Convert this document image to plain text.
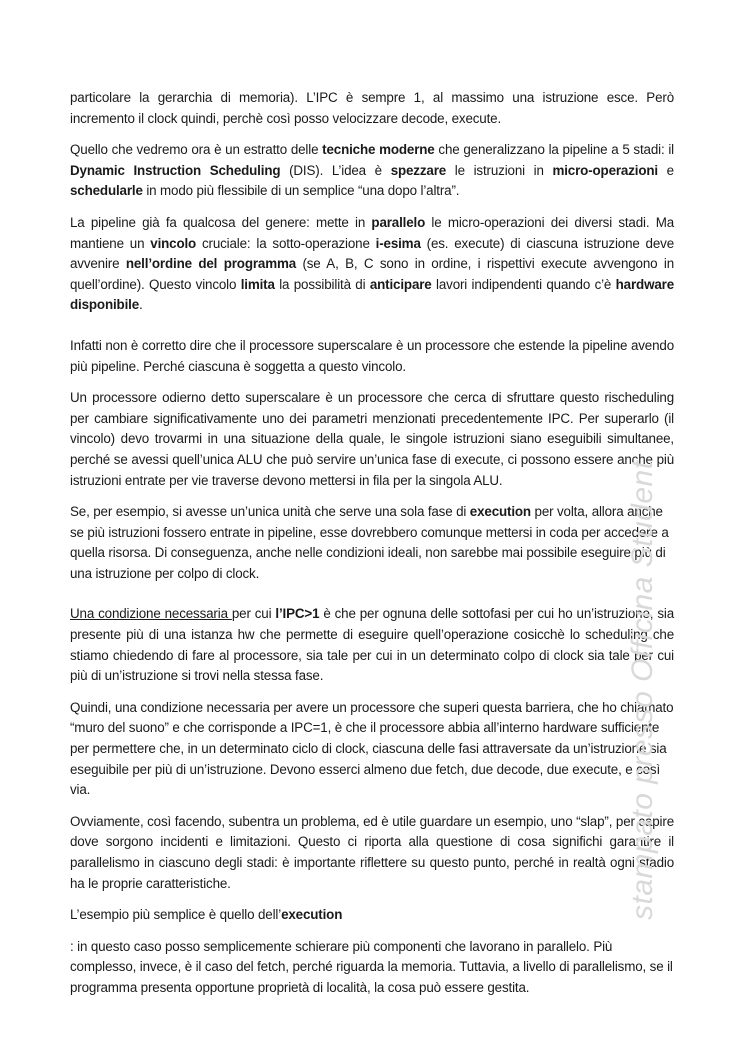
particolare la gerarchia di memoria). L’IPC è sempre 1, al massimo una istruzione esce. Però incremento il clock quindi, perchè così posso velocizzare decode, execute.

Quello che vedremo ora è un estratto delle tecniche moderne che generalizzano la pipeline a 5 stadi: il Dynamic Instruction Scheduling (DIS). L’idea è spezzare le istruzioni in micro-operazioni e schedularle in modo più flessibile di un semplice “una dopo l’altra”.

La pipeline già fa qualcosa del genere: mette in parallelo le micro-operazioni dei diversi stadi. Ma mantiene un vincolo cruciale: la sotto-operazione i-esima (es. execute) di ciascuna istruzione deve avvenire nell’ordine del programma (se A, B, C sono in ordine, i rispettivi execute avvengono in quell’ordine). Questo vincolo limita la possibilità di anticipare lavori indipendenti quando c’è hardware disponibile.

Infatti non è corretto dire che il processore superscalare è un processore che estende la pipeline avendo più pipeline. Perché ciascuna è soggetta a questo vincolo.

Un processore odierno detto superscalare è un processore che cerca di sfruttare questo rischeduling per cambiare significativamente uno dei parametri menzionati precedentemente IPC. Per superarlo (il vincolo) devo trovarmi in una situazione della quale, le singole istruzioni siano eseguibili simultanee, perché se avessi quell’unica ALU che può servire un’unica fase di execute, ci possono essere anche più istruzioni entrate per vie traverse devono mettersi in fila per la singola ALU.

Se, per esempio, si avesse un’unica unità che serve una sola fase di execution per volta, allora anche se più istruzioni fossero entrate in pipeline, esse dovrebbero comunque mettersi in coda per accedere a quella risorsa. Di conseguenza, anche nelle condizioni ideali, non sarebbe mai possibile eseguire più di una istruzione per colpo di clock.

Una condizione necessaria per cui l’IPC>1 è che per ognuna delle sottofasi per cui ho un’istruzione, sia presente più di una istanza hw che permette di eseguire quell’operazione cosicchè lo scheduling che stiamo chiedendo di fare al processore, sia tale per cui in un determinato colpo di clock sia tale per cui più di un’istruzione si trovi nella stessa fase.

Quindi, una condizione necessaria per avere un processore che superi questa barriera, che ho chiamato “muro del suono” e che corrisponde a IPC=1, è che il processore abbia all’interno hardware sufficiente per permettere che, in un determinato ciclo di clock, ciascuna delle fasi attraversate da un’istruzione sia eseguibile per più di un’istruzione. Devono esserci almeno due fetch, due decode, due execute, e così via.

Ovviamente, così facendo, subentra un problema, ed è utile guardare un esempio, uno “slap”, per capire dove sorgono incidenti e limitazioni. Questo ci riporta alla questione di cosa significhi garantire il parallelismo in ciascuno degli stadi: è importante riflettere su questo punto, perché in realtà ogni stadio ha le proprie caratteristiche.

L’esempio più semplice è quello dell’execution

: in questo caso posso semplicemente schierare più componenti che lavorano in parallelo. Più complesso, invece, è il caso del fetch, perché riguarda la memoria. Tuttavia, a livello di parallelismo, se il programma presenta opportune proprietà di località, la cosa può essere gestita.

stampato presso Officina Student
